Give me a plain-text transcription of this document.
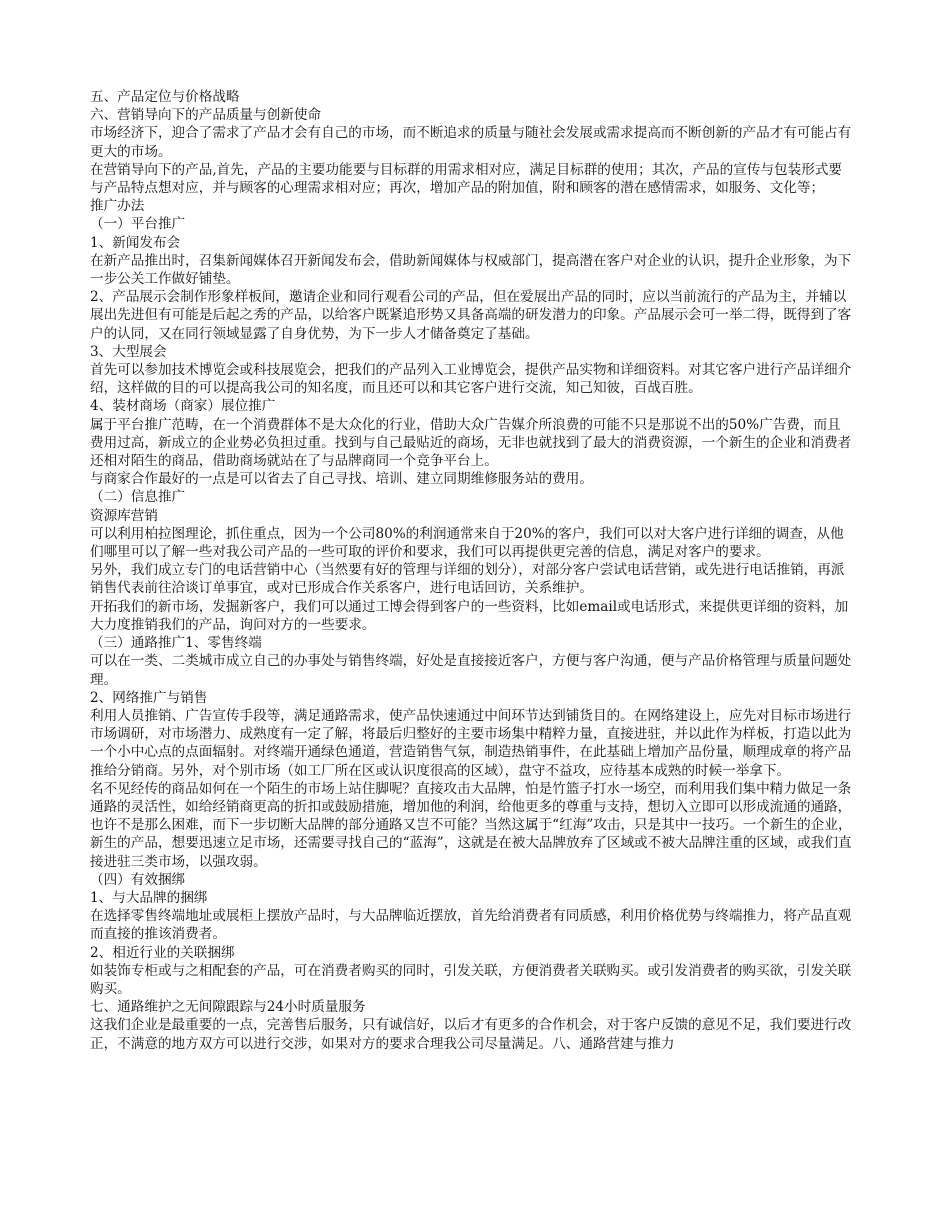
五、产品定位与价格战略

六、营销导向下的产品质量与创新使命

市场经济下，迎合了需求了产品才会有自己的市场，而不断追求的质量与随社会发展或需求提高而不断创新的产品才有可能占有更大的市场。

在营销导向下的产品,首先，产品的主要功能要与目标群的用需求相对应，满足目标群的使用；其次，产品的宣传与包装形式要与产品特点想对应，并与顾客的心理需求相对应；再次，增加产品的附加值，附和顾客的潜在感情需求，如服务、文化等；

推广办法

（一）平台推广

1、新闻发布会

在新产品推出时，召集新闻媒体召开新闻发布会，借助新闻媒体与权威部门，提高潜在客户对企业的认识，提升企业形象，为下一步公关工作做好铺垫。

2、产品展示会制作形象样板间，邀请企业和同行观看公司的产品，但在爱展出产品的同时，应以当前流行的产品为主，并辅以展出先进但有可能是后起之秀的产品，以给客户既紧追形势又具备高端的研发潜力的印象。产品展示会可一举二得，既得到了客户的认同，又在同行领域显露了自身优势，为下一步人才储备奠定了基础。

3、大型展会

首先可以参加技术博览会或科技展览会，把我们的产品列入工业博览会，提供产品实物和详细资料。对其它客户进行产品详细介绍，这样做的目的可以提高我公司的知名度，而且还可以和其它客户进行交流，知己知彼，百战百胜。

4、装材商场（商家）展位推广

属于平台推广范畴，在一个消费群体不是大众化的行业，借助大众广告媒介所浪费的可能不只是那说不出的50%广告费，而且费用过高，新成立的企业势必负担过重。找到与自己最贴近的商场，无非也就找到了最大的消费资源，一个新生的企业和消费者还相对陌生的商品，借助商场就站在了与品牌商同一个竞争平台上。

与商家合作最好的一点是可以省去了自己寻找、培训、建立同期维修服务站的费用。

（二）信息推广

资源库营销

可以利用柏拉图理论，抓住重点，因为一个公司80%的利润通常来自于20%的客户，我们可以对大客户进行详细的调查，从他们哪里可以了解一些对我公司产品的一些可取的评价和要求，我们可以再提供更完善的信息，满足对客户的要求。

另外，我们成立专门的电话营销中心（当然要有好的管理与详细的划分），对部分客户尝试电话营销，或先进行电话推销，再派销售代表前往洽谈订单事宜，或对已形成合作关系客户，进行电话回访，关系维护。

开拓我们的新市场，发掘新客户，我们可以通过工博会得到客户的一些资料，比如email或电话形式，来提供更详细的资料，加大力度推销我们的产品，询问对方的一些要求。

（三）通路推广1、零售终端

可以在一类、二类城市成立自己的办事处与销售终端，好处是直接接近客户，方便与客户沟通，便与产品价格管理与质量问题处理。

2、网络推广与销售

利用人员推销、广告宣传手段等，满足通路需求，使产品快速通过中间环节达到铺货目的。在网络建设上，应先对目标市场进行市场调研，对市场潜力、成熟度有一定了解，将最后归整好的主要市场集中精粹力量，直接进驻，并以此作为样板，打造以此为一个小中心点的点面辐射。对终端开通绿色通道，营造销售气氛，制造热销事件，在此基础上增加产品份量，顺理成章的将产品推给分销商。另外，对个别市场（如工厂所在区或认识度很高的区域），盘守不益攻，应待基本成熟的时候一举拿下。

名不见经传的商品如何在一个陌生的市场上站住脚呢？直接攻击大品牌，怕是竹篮子打水一场空，而利用我们集中精力做足一条通路的灵活性，如给经销商更高的折扣或鼓励措施，增加他的利润，给他更多的尊重与支持，想切入立即可以形成流通的通路，也许不是那么困难，而下一步切断大品牌的部分通路又岂不可能？当然这属于“红海”攻击，只是其中一技巧。一个新生的企业，新生的产品，想要迅速立足市场，还需要寻找自己的“蓝海”，这就是在被大品牌放弃了区域或不被大品牌注重的区域，或我们直接进驻三类市场，以强攻弱。

（四）有效捆绑

1、与大品牌的捆绑

在选择零售终端地址或展柜上摆放产品时，与大品牌临近摆放，首先给消费者有同质感，利用价格优势与终端推力，将产品直观而直接的推该消费者。

2、相近行业的关联捆绑

如装饰专柜或与之相配套的产品，可在消费者购买的同时，引发关联，方便消费者关联购买。或引发消费者的购买欲，引发关联购买。

七、通路维护之无间隙跟踪与24小时质量服务

这我们企业是最重要的一点，完善售后服务，只有诚信好，以后才有更多的合作机会，对于客户反馈的意见不足，我们要进行改正，不满意的地方双方可以进行交涉，如果对方的要求合理我公司尽量满足。八、通路营建与推力
